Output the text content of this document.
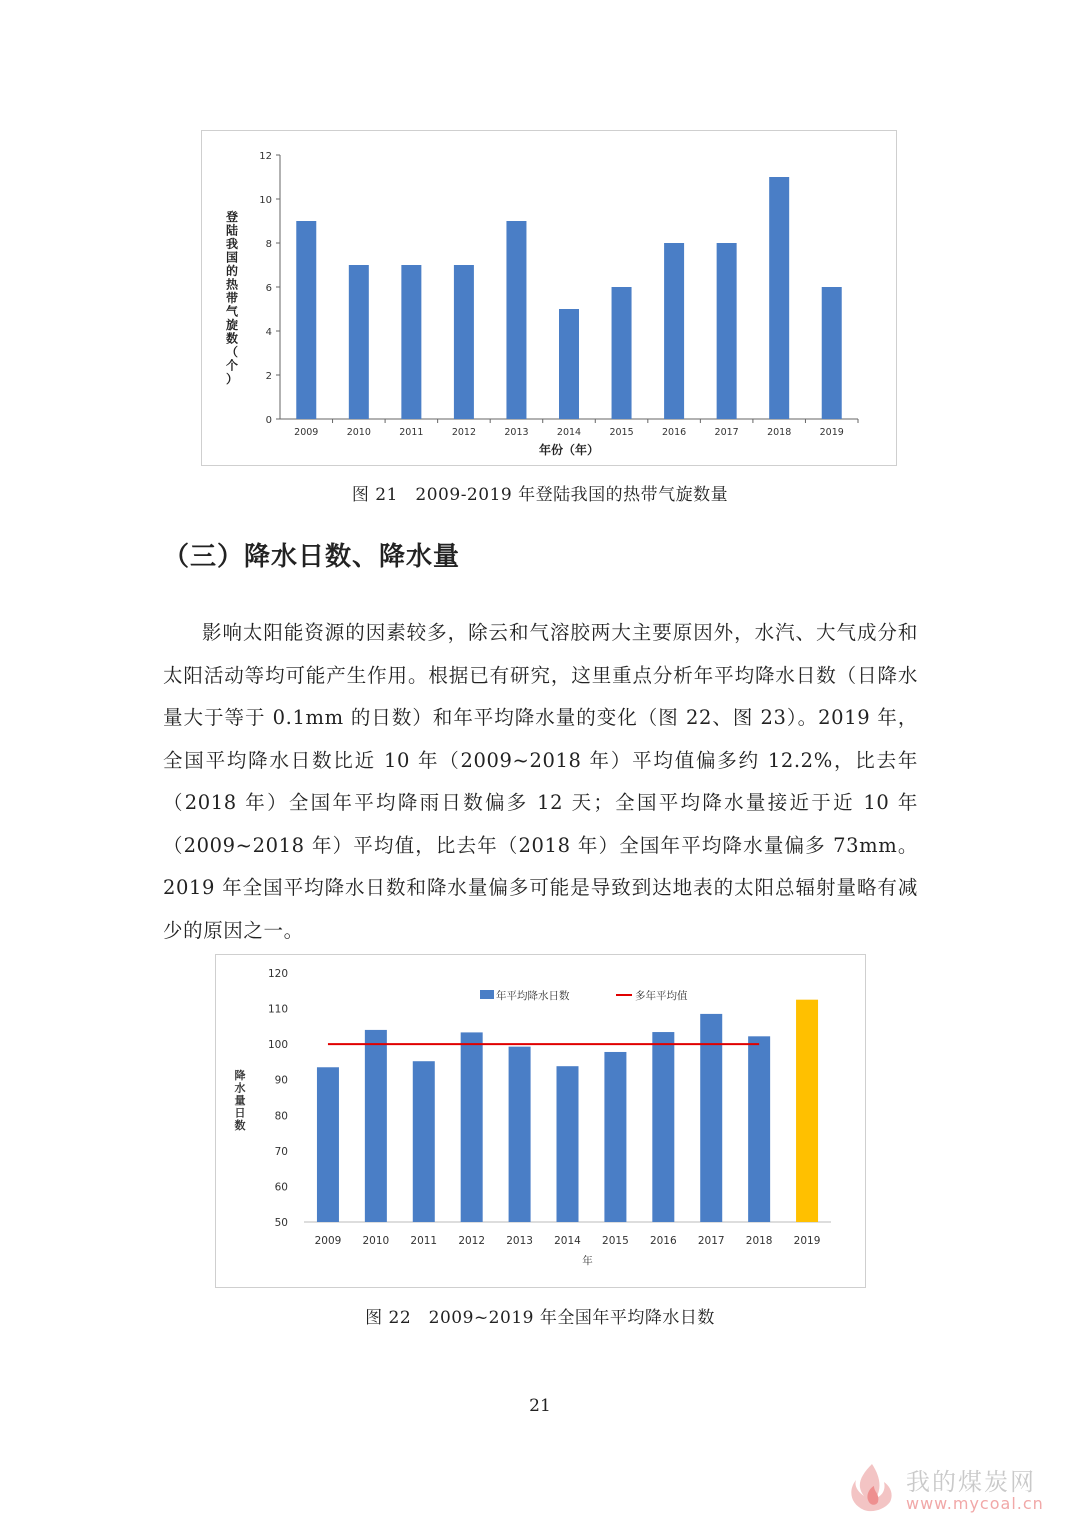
0
2
4
6
8
10
12
2009	2010	2011	2012	2013	2014	2015	2016	2017	2018	2019
年份（年）
登陆我国的热带气旋数（个）
图 21　2009-2019 年登陆我国的热带气旋数量
（三）降水日数、降水量

影响太阳能资源的因素较多，除云和气溶胶两大主要原因外，水汽、大气成分和太阳活动等均可能产生作用。根据已有研究，这里重点分析年平均降水日数（日降水量大于等于 0.1mm 的日数）和年平均降水量的变化（图 22、图 23）。2019 年，全国平均降水日数比近 10 年（2009~2018 年）平均值偏多约 12.2%，比去年（2018 年）全国年平均降雨日数偏多 12 天；全国平均降水量接近于近 10 年（2009~2018 年）平均值，比去年（2018 年）全国年平均降水量偏多 73mm。2019 年全国平均降水日数和降水量偏多可能是导致到达地表的太阳总辐射量略有减少的原因之一。

50
60
70
80
90
100
110
120
2009 2010 2011 2012 2013 2014 2015 2016 2017 2018 2019
年平均降水日数	多年平均值
年
降水量日数
图 22　2009~2019 年全国年平均降水日数
21
我的煤炭网
www.mycoal.cn
